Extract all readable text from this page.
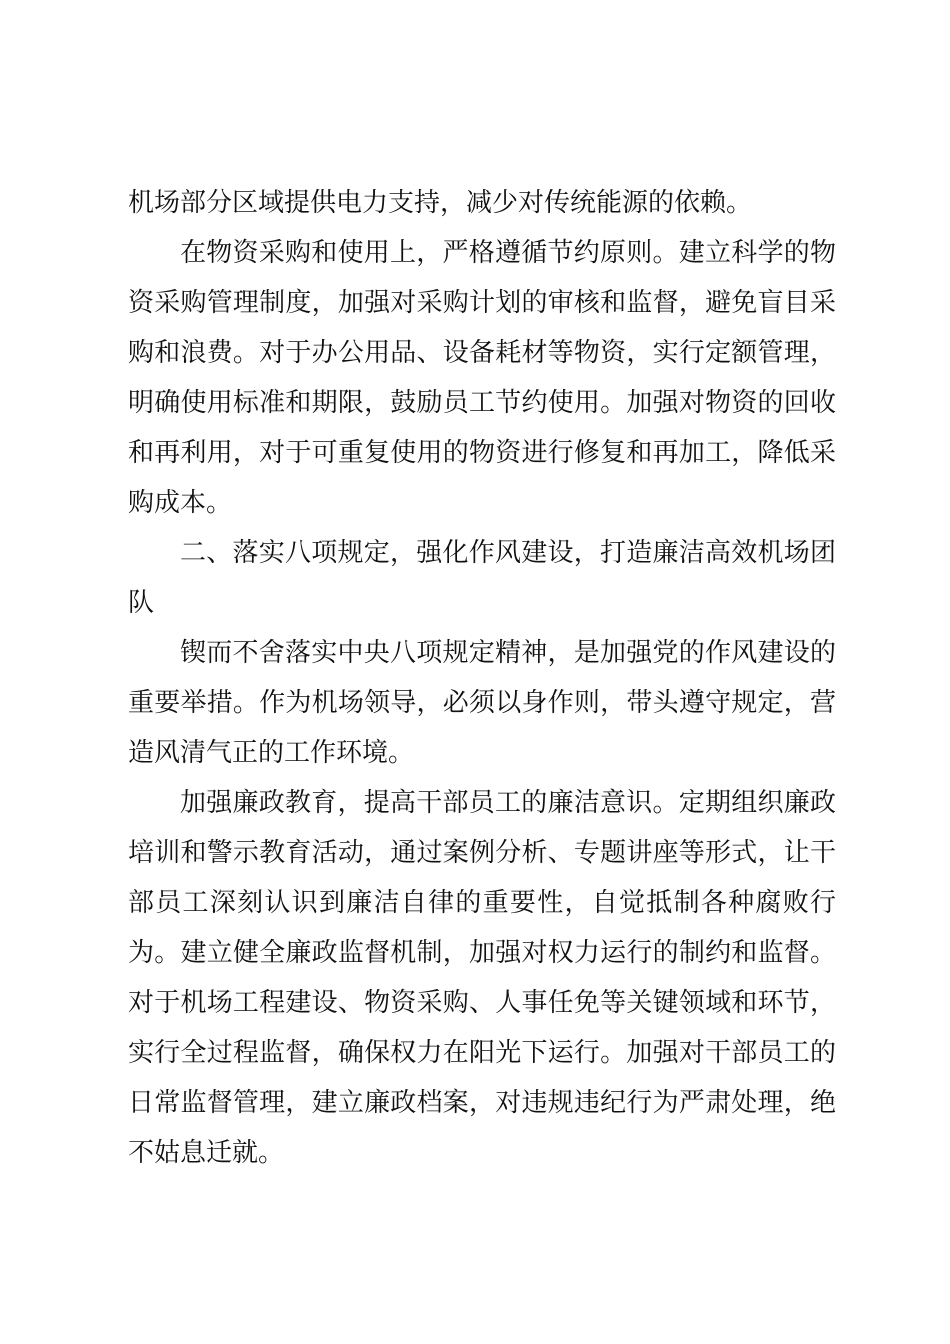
机场部分区域提供电力支持，减少对传统能源的依赖。

在物资采购和使用上，严格遵循节约原则。建立科学的物资采购管理制度，加强对采购计划的审核和监督，避免盲目采购和浪费。对于办公用品、设备耗材等物资，实行定额管理，明确使用标准和期限，鼓励员工节约使用。加强对物资的回收和再利用，对于可重复使用的物资进行修复和再加工，降低采购成本。

二、落实八项规定，强化作风建设，打造廉洁高效机场团队

锲而不舍落实中央八项规定精神，是加强党的作风建设的重要举措。作为机场领导，必须以身作则，带头遵守规定，营造风清气正的工作环境。

加强廉政教育，提高干部员工的廉洁意识。定期组织廉政培训和警示教育活动，通过案例分析、专题讲座等形式，让干部员工深刻认识到廉洁自律的重要性，自觉抵制各种腐败行为。建立健全廉政监督机制，加强对权力运行的制约和监督。对于机场工程建设、物资采购、人事任免等关键领域和环节，实行全过程监督，确保权力在阳光下运行。加强对干部员工的日常监督管理，建立廉政档案，对违规违纪行为严肃处理，绝不姑息迁就。
